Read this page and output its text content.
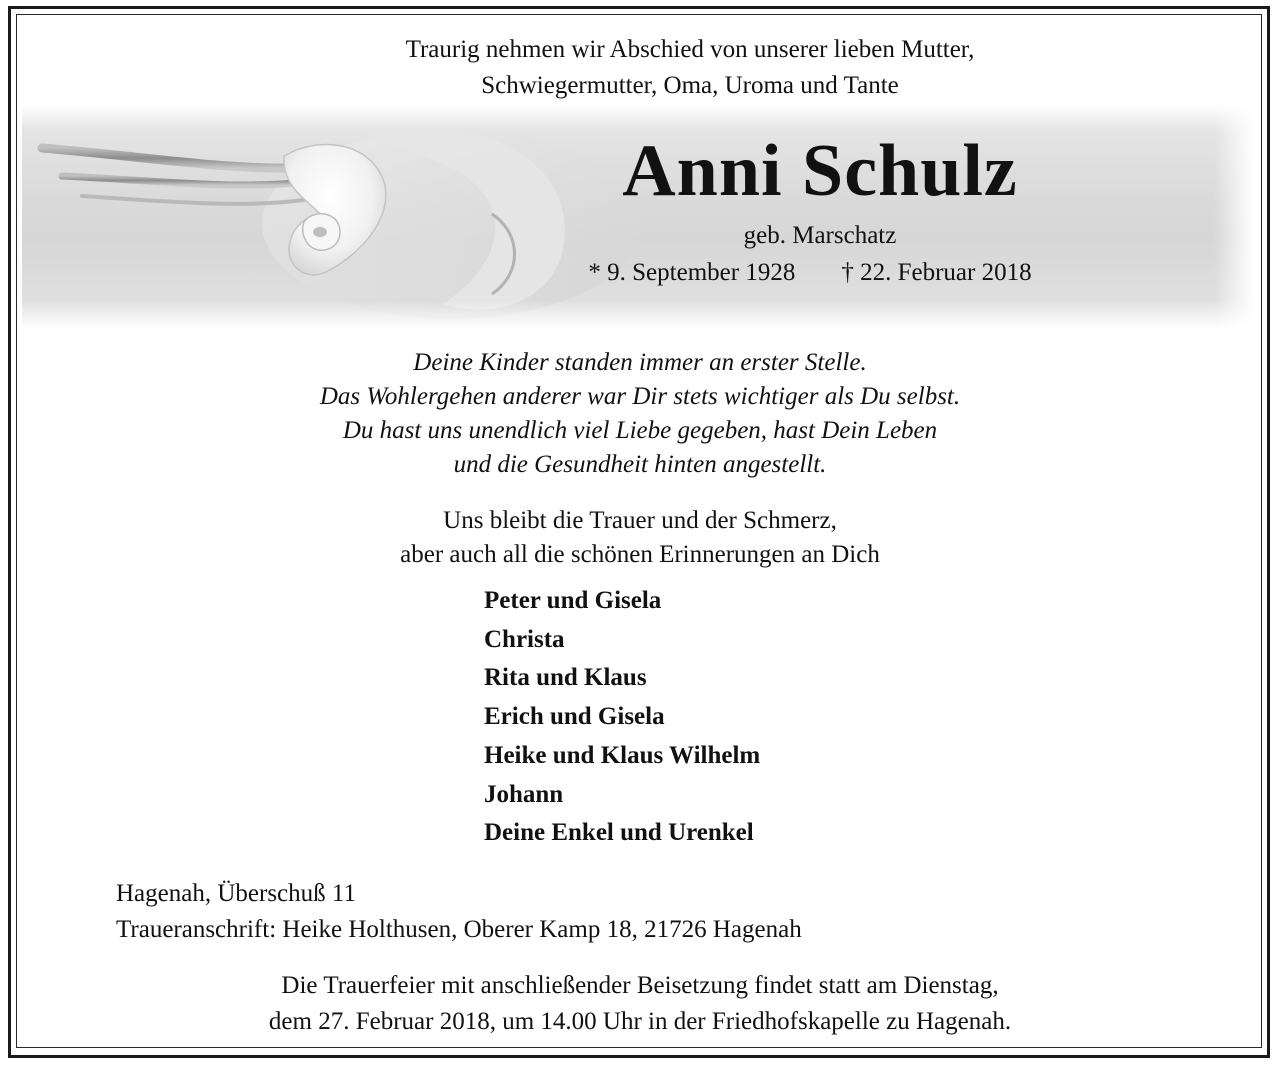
Traurig nehmen wir Abschied von unserer lieben Mutter,
Schwiegermutter, Oma, Uroma und Tante
Anni Schulz
geb. Marschatz
* 9. September 1928 † 22. Februar 2018
Deine Kinder standen immer an erster Stelle.
Das Wohlergehen anderer war Dir stets wichtiger als Du selbst.
Du hast uns unendlich viel Liebe gegeben, hast Dein Leben
und die Gesundheit hinten angestellt.
Uns bleibt die Trauer und der Schmerz,
aber auch all die schönen Erinnerungen an Dich
Peter und Gisela
Christa
Rita und Klaus
Erich und Gisela
Heike und Klaus Wilhelm
Johann
Deine Enkel und Urenkel
Hagenah, Überschuß 11
Traueranschrift: Heike Holthusen, Oberer Kamp 18, 21726 Hagenah
Die Trauerfeier mit anschließender Beisetzung findet statt am Dienstag,
dem 27. Februar 2018, um 14.00 Uhr in der Friedhofskapelle zu Hagenah.
